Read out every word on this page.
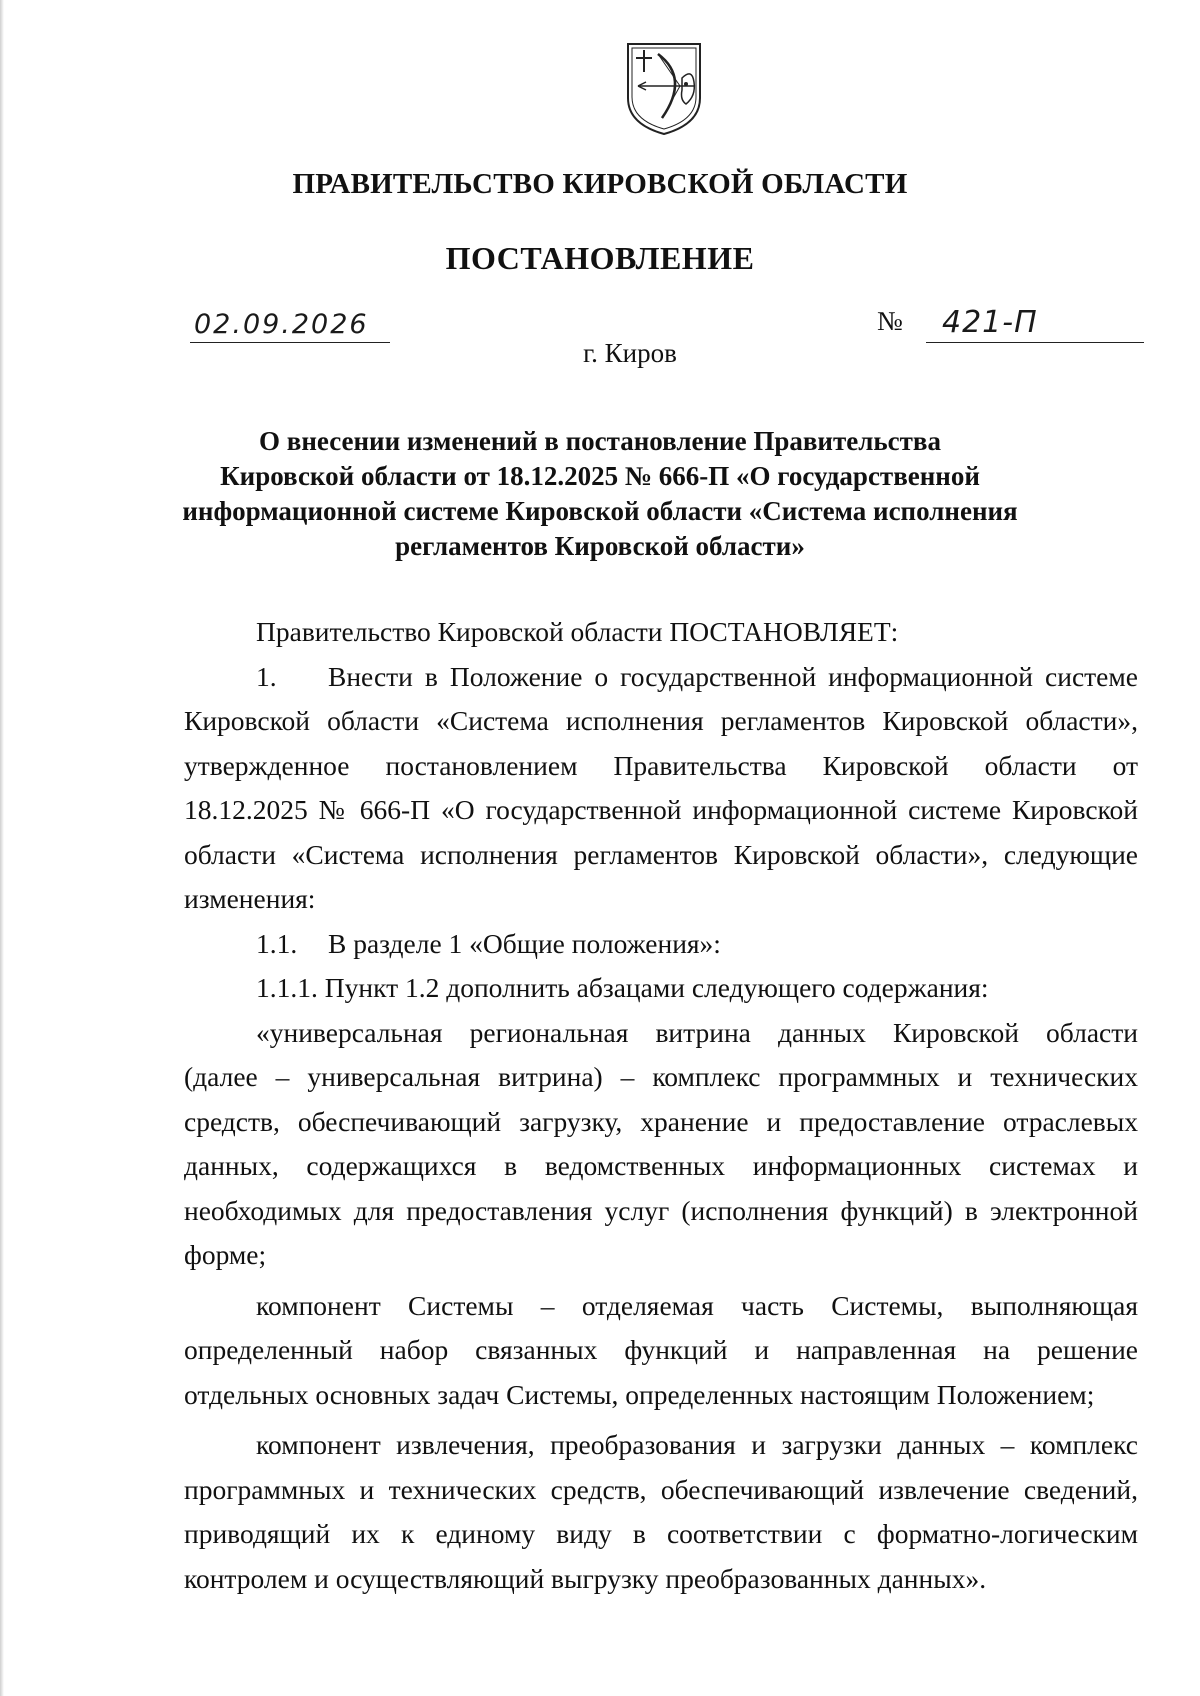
ПРАВИТЕЛЬСТВО КИРОВСКОЙ ОБЛАСТИ
ПОСТАНОВЛЕНИЕ
02.09.2026	№ 421-П
г. Киров
О внесении изменений в постановление Правительства
Кировской области от 18.12.2025 № 666-П «О государственной
информационной системе Кировской области «Система исполнения
регламентов Кировской области»
Правительство Кировской области ПОСТАНОВЛЯЕТ:
1. Внести в Положение о государственной информационной системе
Кировской области «Система исполнения регламентов Кировской области»,
утвержденное постановлением Правительства Кировской области от
18.12.2025 № 666-П «О государственной информационной системе Кировской
области «Система исполнения регламентов Кировской области», следующие
изменения:
1.1. В разделе 1 «Общие положения»:
1.1.1. Пункт 1.2 дополнить абзацами следующего содержания:
«универсальная региональная витрина данных Кировской области
(далее – универсальная витрина) – комплекс программных и технических
средств, обеспечивающий загрузку, хранение и предоставление отраслевых
данных, содержащихся в ведомственных информационных системах и
необходимых для предоставления услуг (исполнения функций) в электронной
форме;
компонент Системы – отделяемая часть Системы, выполняющая
определенный набор связанных функций и направленная на решение
отдельных основных задач Системы, определенных настоящим Положением;
компонент извлечения, преобразования и загрузки данных – комплекс
программных и технических средств, обеспечивающий извлечение сведений,
приводящий их к единому виду в соответствии с форматно-логическим
контролем и осуществляющий выгрузку преобразованных данных».
